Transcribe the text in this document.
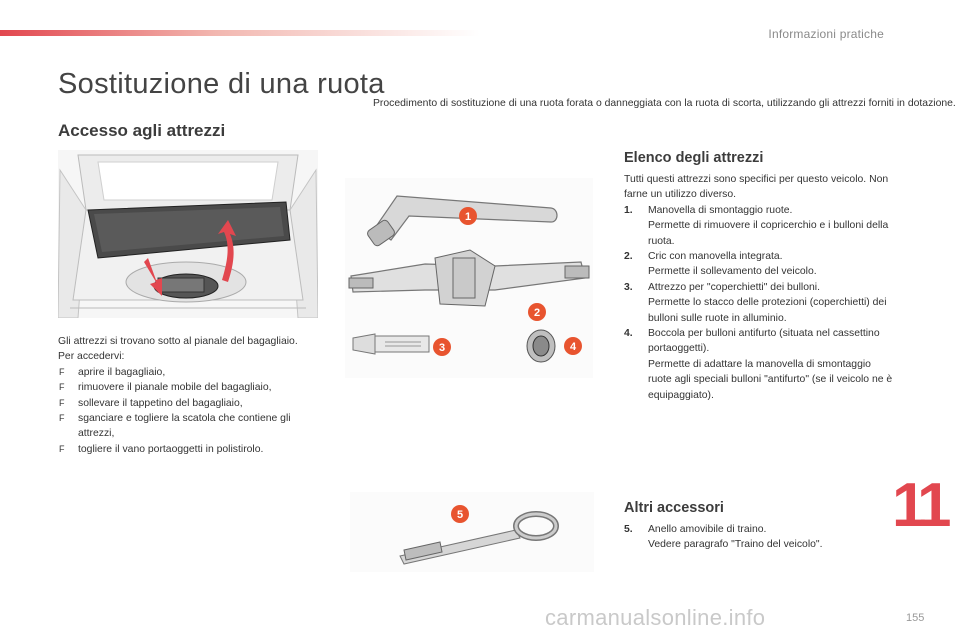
Informazioni pratiche
Sostituzione di una ruota
Procedimento di sostituzione di una ruota forata o danneggiata con la ruota di scorta, utilizzando gli attrezzi forniti in dotazione.
Accesso agli attrezzi

Gli attrezzi si trovano sotto al pianale del bagagliaio.

Per accedervi:

F aprire il bagagliaio,
F rimuovere il pianale mobile del bagagliaio,
F sollevare il tappetino del bagagliaio,
F sganciare e togliere la scatola che contiene gli attrezzi,
F togliere il vano portaoggetti in polistirolo.
1
2
3	4
Elenco degli attrezzi

Tutti questi attrezzi sono specifici per questo veicolo. Non farne un utilizzo diverso.

1. Manovella di smontaggio ruote.
Permette di rimuovere il copricerchio e i bulloni della ruota.
2. Cric con manovella integrata.
Permette il sollevamento del veicolo.
3. Attrezzo per "coperchietti" dei bulloni.
Permette lo stacco delle protezioni (coperchietti) dei bulloni sulle ruote in alluminio.
4. Boccola per bulloni antifurto (situata nel cassettino portaoggetti).
Permette di adattare la manovella di smontaggio ruote agli speciali bulloni "antifurto" (se il veicolo ne è equipaggiato).
5	Altri accessori
5. Anello amovibile di traino.
Vedere paragrafo "Traino del veicolo".
11
155
carmanualsonline.info
